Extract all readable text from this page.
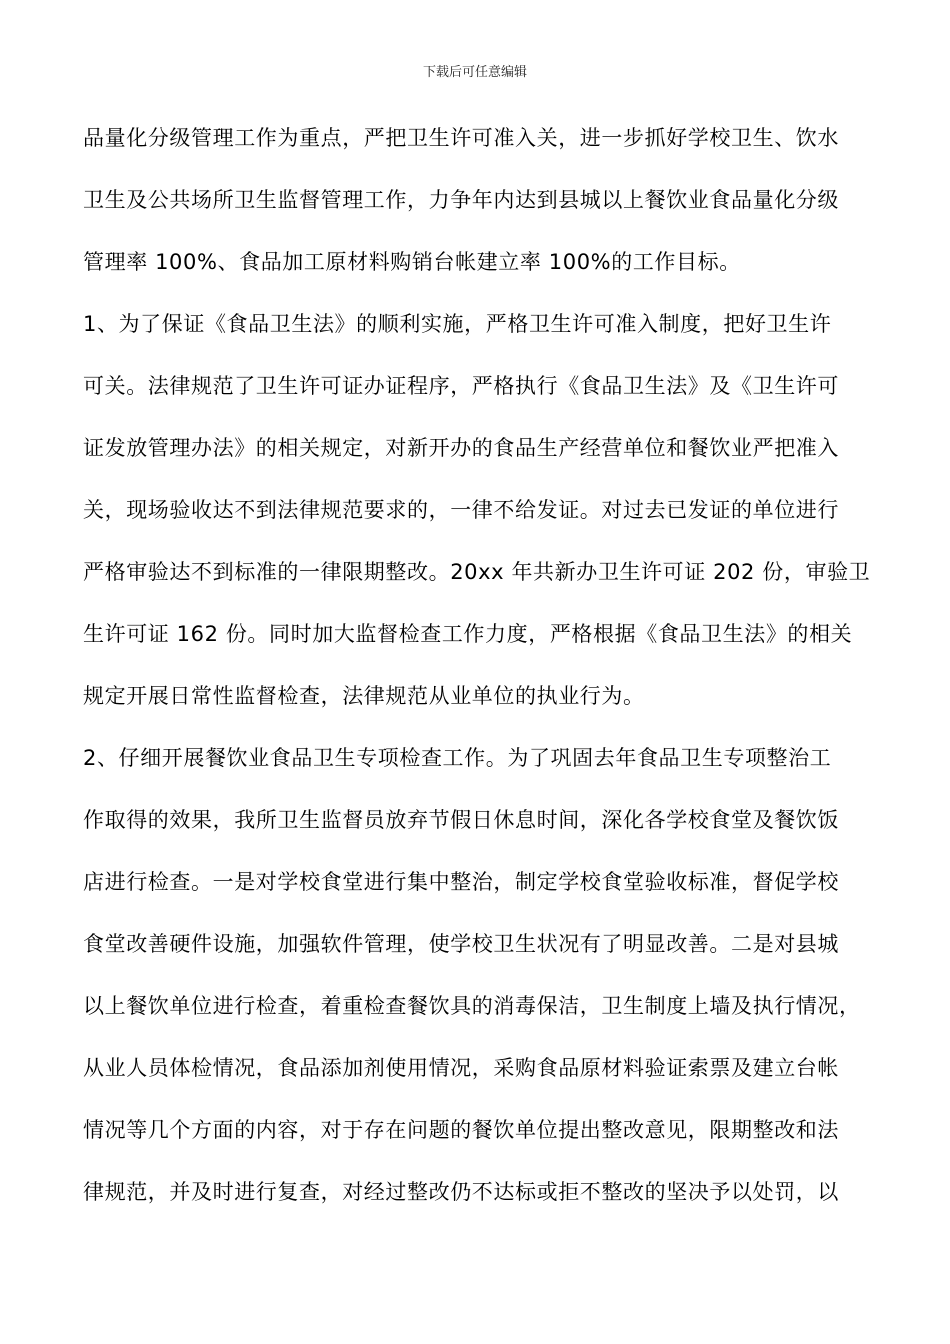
下载后可任意编辑
品量化分级管理工作为重点，严把卫生许可准入关，进一步抓好学校卫生、饮水
卫生及公共场所卫生监督管理工作，力争年内达到县城以上餐饮业食品量化分级
管理率 100%、食品加工原材料购销台帐建立率 100%的工作目标。
1、为了保证《食品卫生法》的顺利实施，严格卫生许可准入制度，把好卫生许
可关。法律规范了卫生许可证办证程序，严格执行《食品卫生法》及《卫生许可
证发放管理办法》的相关规定，对新开办的食品生产经营单位和餐饮业严把准入
关，现场验收达不到法律规范要求的，一律不给发证。对过去已发证的单位进行
严格审验达不到标准的一律限期整改。20xx 年共新办卫生许可证 202 份，审验卫
生许可证 162 份。同时加大监督检查工作力度，严格根据《食品卫生法》的相关
规定开展日常性监督检查，法律规范从业单位的执业行为。
2、仔细开展餐饮业食品卫生专项检查工作。为了巩固去年食品卫生专项整治工
作取得的效果，我所卫生监督员放弃节假日休息时间，深化各学校食堂及餐饮饭
店进行检查。一是对学校食堂进行集中整治，制定学校食堂验收标准，督促学校
食堂改善硬件设施，加强软件管理，使学校卫生状况有了明显改善。二是对县城
以上餐饮单位进行检查，着重检查餐饮具的消毒保洁，卫生制度上墙及执行情况，
从业人员体检情况，食品添加剂使用情况，采购食品原材料验证索票及建立台帐
情况等几个方面的内容，对于存在问题的餐饮单位提出整改意见，限期整改和法
律规范，并及时进行复查，对经过整改仍不达标或拒不整改的坚决予以处罚，以
